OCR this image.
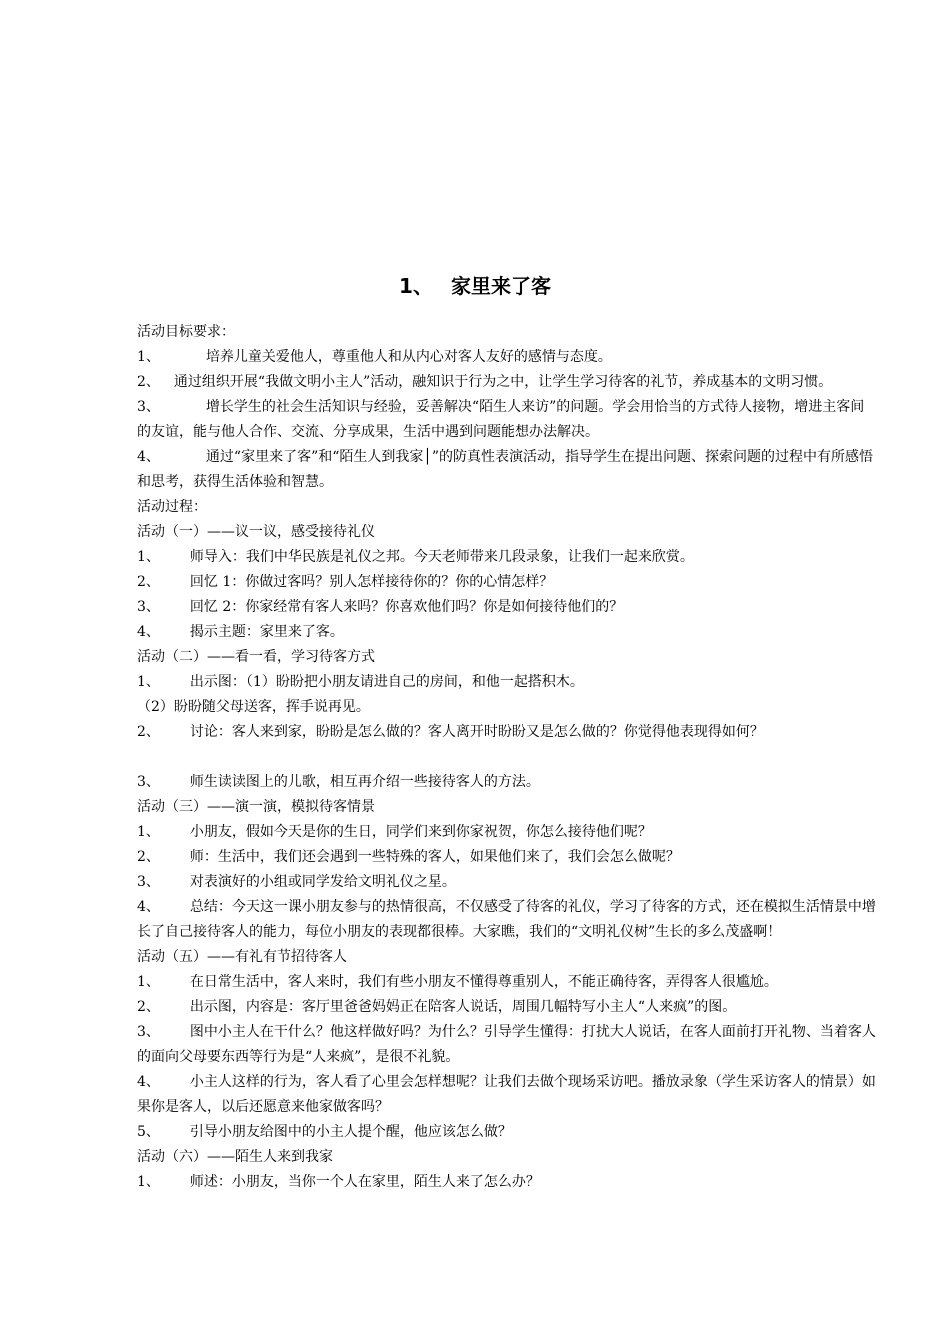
1、 家里来了客
活动目标要求：
1、	培养儿童关爱他人，尊重他人和从内心对客人友好的感情与态度。
2、 通过组织开展“我做文明小主人”活动，融知识于行为之中，让学生学习待客的礼节，养成基本的文明习惯。
3、	增长学生的社会生活知识与经验，妥善解决“陌生人来访”的问题。学会用恰当的方式待人接物，增进主客间的友谊，能与他人合作、交流、分享成果，生活中遇到问题能想办法解决。
4、	通过“家里来了客”和“陌生人到我家│”的防真性表演活动，指导学生在提出问题、探索问题的过程中有所感悟和思考，获得生活体验和智慧。
活动过程：
活动（一）——议一议，感受接待礼仪
1、 师导入：我们中华民族是礼仪之邦。今天老师带来几段录象，让我们一起来欣赏。
2、 回忆 1：你做过客吗？别人怎样接待你的？你的心情怎样？
3、 回忆 2：你家经常有客人来吗？你喜欢他们吗？你是如何接待他们的？
4、 揭示主题：家里来了客。
活动（二）——看一看，学习待客方式
1、 出示图：（1）盼盼把小朋友请进自己的房间，和他一起搭积木。
（2）盼盼随父母送客，挥手说再见。
2、 讨论：客人来到家，盼盼是怎么做的？客人离开时盼盼又是怎么做的？你觉得他表现得如何？
3、 师生读读图上的儿歌，相互再介绍一些接待客人的方法。
活动（三）——演一演，模拟待客情景
1、 小朋友，假如今天是你的生日，同学们来到你家祝贺，你怎么接待他们呢？
2、 师：生活中，我们还会遇到一些特殊的客人，如果他们来了，我们会怎么做呢？
3、 对表演好的小组或同学发给文明礼仪之星。
4、 总结：今天这一课小朋友参与的热情很高，不仅感受了待客的礼仪，学习了待客的方式，还在模拟生活情景中增长了自己接待客人的能力，每位小朋友的表现都很棒。大家瞧，我们的“文明礼仪树”生长的多么茂盛啊！
活动（五）——有礼有节招待客人
1、 在日常生活中，客人来时，我们有些小朋友不懂得尊重别人，不能正确待客，弄得客人很尴尬。
2、 出示图，内容是：客厅里爸爸妈妈正在陪客人说话，周围几幅特写小主人“人来疯”的图。
3、 图中小主人在干什么？他这样做好吗？为什么？引导学生懂得：打扰大人说话，在客人面前打开礼物、当着客人的面向父母要东西等行为是“人来疯”，是很不礼貌。
4、 小主人这样的行为，客人看了心里会怎样想呢？让我们去做个现场采访吧。播放录象（学生采访客人的情景）如果你是客人，以后还愿意来他家做客吗？
5、 引导小朋友给图中的小主人提个醒，他应该怎么做？
活动（六）——陌生人来到我家
1、 师述：小朋友，当你一个人在家里，陌生人来了怎么办？
